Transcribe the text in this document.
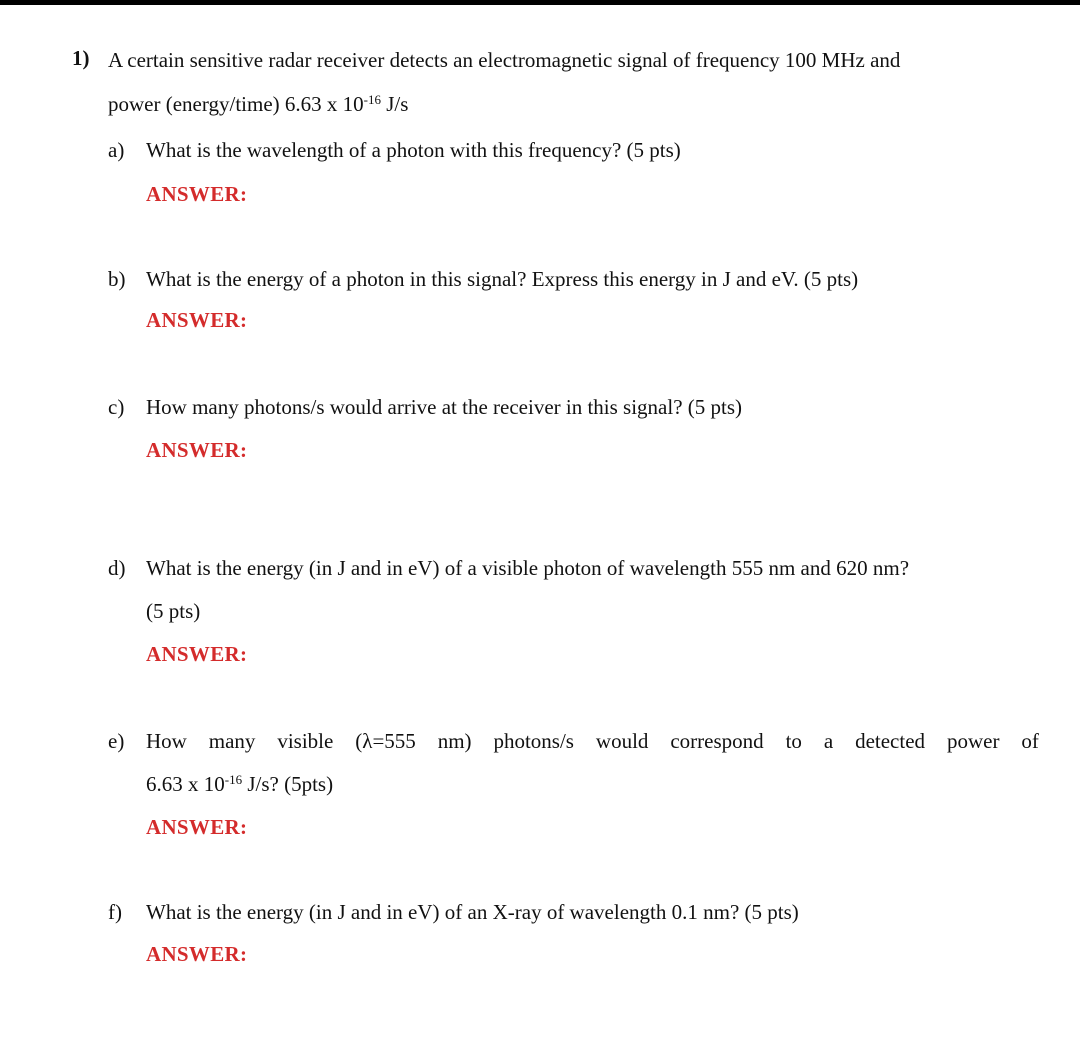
1) A certain sensitive radar receiver detects an electromagnetic signal of frequency 100 MHz and
power (energy/time) 6.63 x $10^{-16}$ J/s
a) What is the wavelength of a photon with this frequency? (5 pts)
ANSWER:
b) What is the energy of a photon in this signal? Express this energy in J and eV. (5 pts)
ANSWER:
c) How many photons/s would arrive at the receiver in this signal? (5 pts)
ANSWER:
d) What is the energy (in J and in eV) of a visible photon of wavelength 555 nm and 620 nm?
(5 pts)
ANSWER:
e) How many visible (λ=555 nm) photons/s would correspond to a detected power of
6.63 x $10^{-16}$ J/s? (5pts)
ANSWER:
f) What is the energy (in J and in eV) of an X-ray of wavelength 0.1 nm? (5 pts)
ANSWER:
